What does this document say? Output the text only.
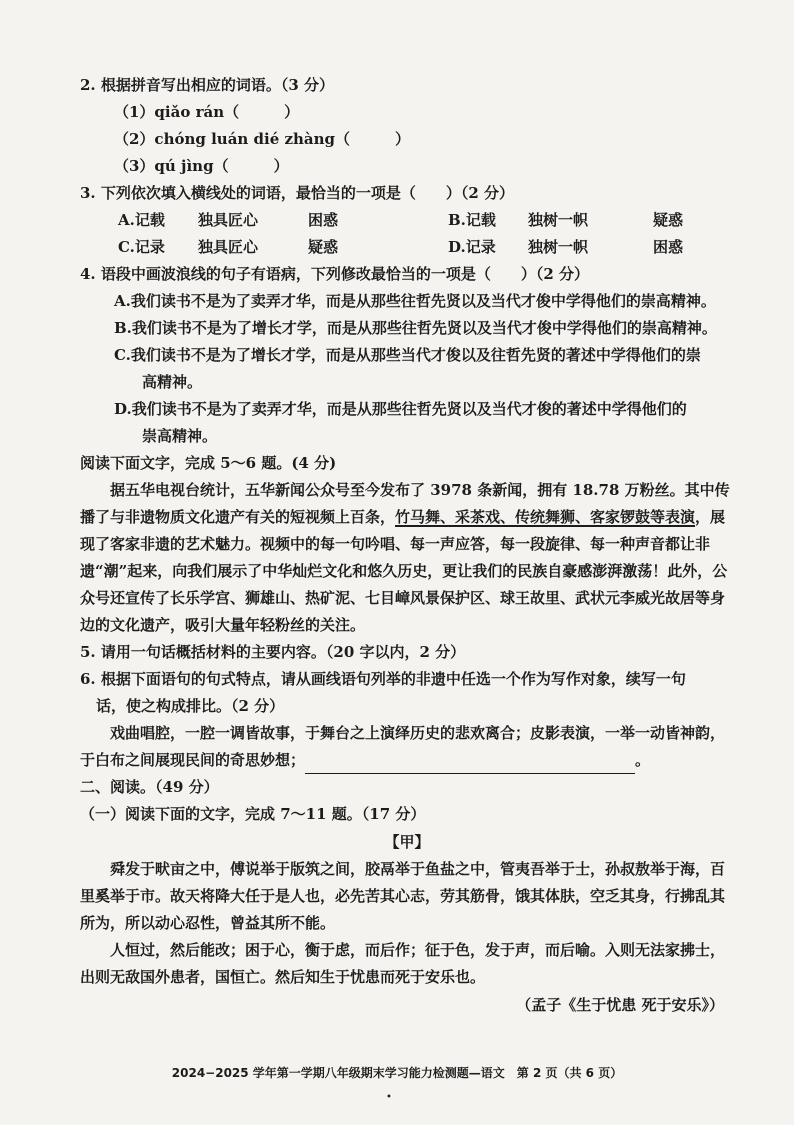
2. 根据拼音写出相应的词语。（3 分）

（1）qiǎo rán（　　　）
（2）chóng luán dié zhàng（　　　）
（3）qú jìng（　　　）

3. 下列依次填入横线处的词语，最恰当的一项是（　　）（2 分）

A.记载	独具匠心	困惑	B.记载	独树一帜	疑惑
C.记录	独具匠心	疑惑	D.记录	独树一帜	困惑

4. 语段中画波浪线的句子有语病，下列修改最恰当的一项是（　　）（2 分）

A.我们读书不是为了卖弄才华，而是从那些往哲先贤以及当代才俊中学得他们的崇高精神。
B.我们读书不是为了增长才学，而是从那些往哲先贤以及当代才俊中学得他们的崇高精神。
C.我们读书不是为了增长才学，而是从那些当代才俊以及往哲先贤的著述中学得他们的崇
高精神。
D.我们读书不是为了卖弄才华，而是从那些往哲先贤以及当代才俊的著述中学得他们的
崇高精神。

阅读下面文字，完成 5～6 题。(4 分)

据五华电视台统计，五华新闻公众号至今发布了 3978 条新闻，拥有 18.78 万粉丝。其中传播了与非遗物质文化遗产有关的短视频上百条，竹马舞、采茶戏、传统舞狮、客家锣鼓等表演，展现了客家非遗的艺术魅力。视频中的每一句吟唱、每一声应答，每一段旋律、每一种声音都让非遗“潮”起来，向我们展示了中华灿烂文化和悠久历史，更让我们的民族自豪感澎湃激荡！此外，公众号还宣传了长乐学宫、狮雄山、热矿泥、七目嶂风景保护区、球王故里、武状元李威光故居等身边的文化遗产，吸引大量年轻粉丝的关注。

5. 请用一句话概括材料的主要内容。（20 字以内，2 分）

6. 根据下面语句的句式特点，请从画线语句列举的非遗中任选一个作为写作对象，续写一句

话，使之构成排比。（2 分）

戏曲唱腔，一腔一调皆故事，于舞台之上演绎历史的悲欢离合；皮影表演，一举一动皆神韵，于白布之间展现民间的奇思妙想；	。

二、阅读。（49 分）

（一）阅读下面的文字，完成 7～11 题。（17 分）

【甲】

舜发于畎亩之中，傅说举于版筑之间，胶鬲举于鱼盐之中，管夷吾举于士，孙叔敖举于海，百里奚举于市。故天将降大任于是人也，必先苦其心志，劳其筋骨，饿其体肤，空乏其身，行拂乱其所为，所以动心忍性，曾益其所不能。

人恒过，然后能改；困于心，衡于虑，而后作；征于色，发于声，而后喻。入则无法家拂士，出则无敌国外患者，国恒亡。然后知生于忧患而死于安乐也。

（孟子《生于忧患 死于安乐》）
2024−2025 学年第一学期八年级期末学习能力检测题—语文　第 2 页（共 6 页）
•
